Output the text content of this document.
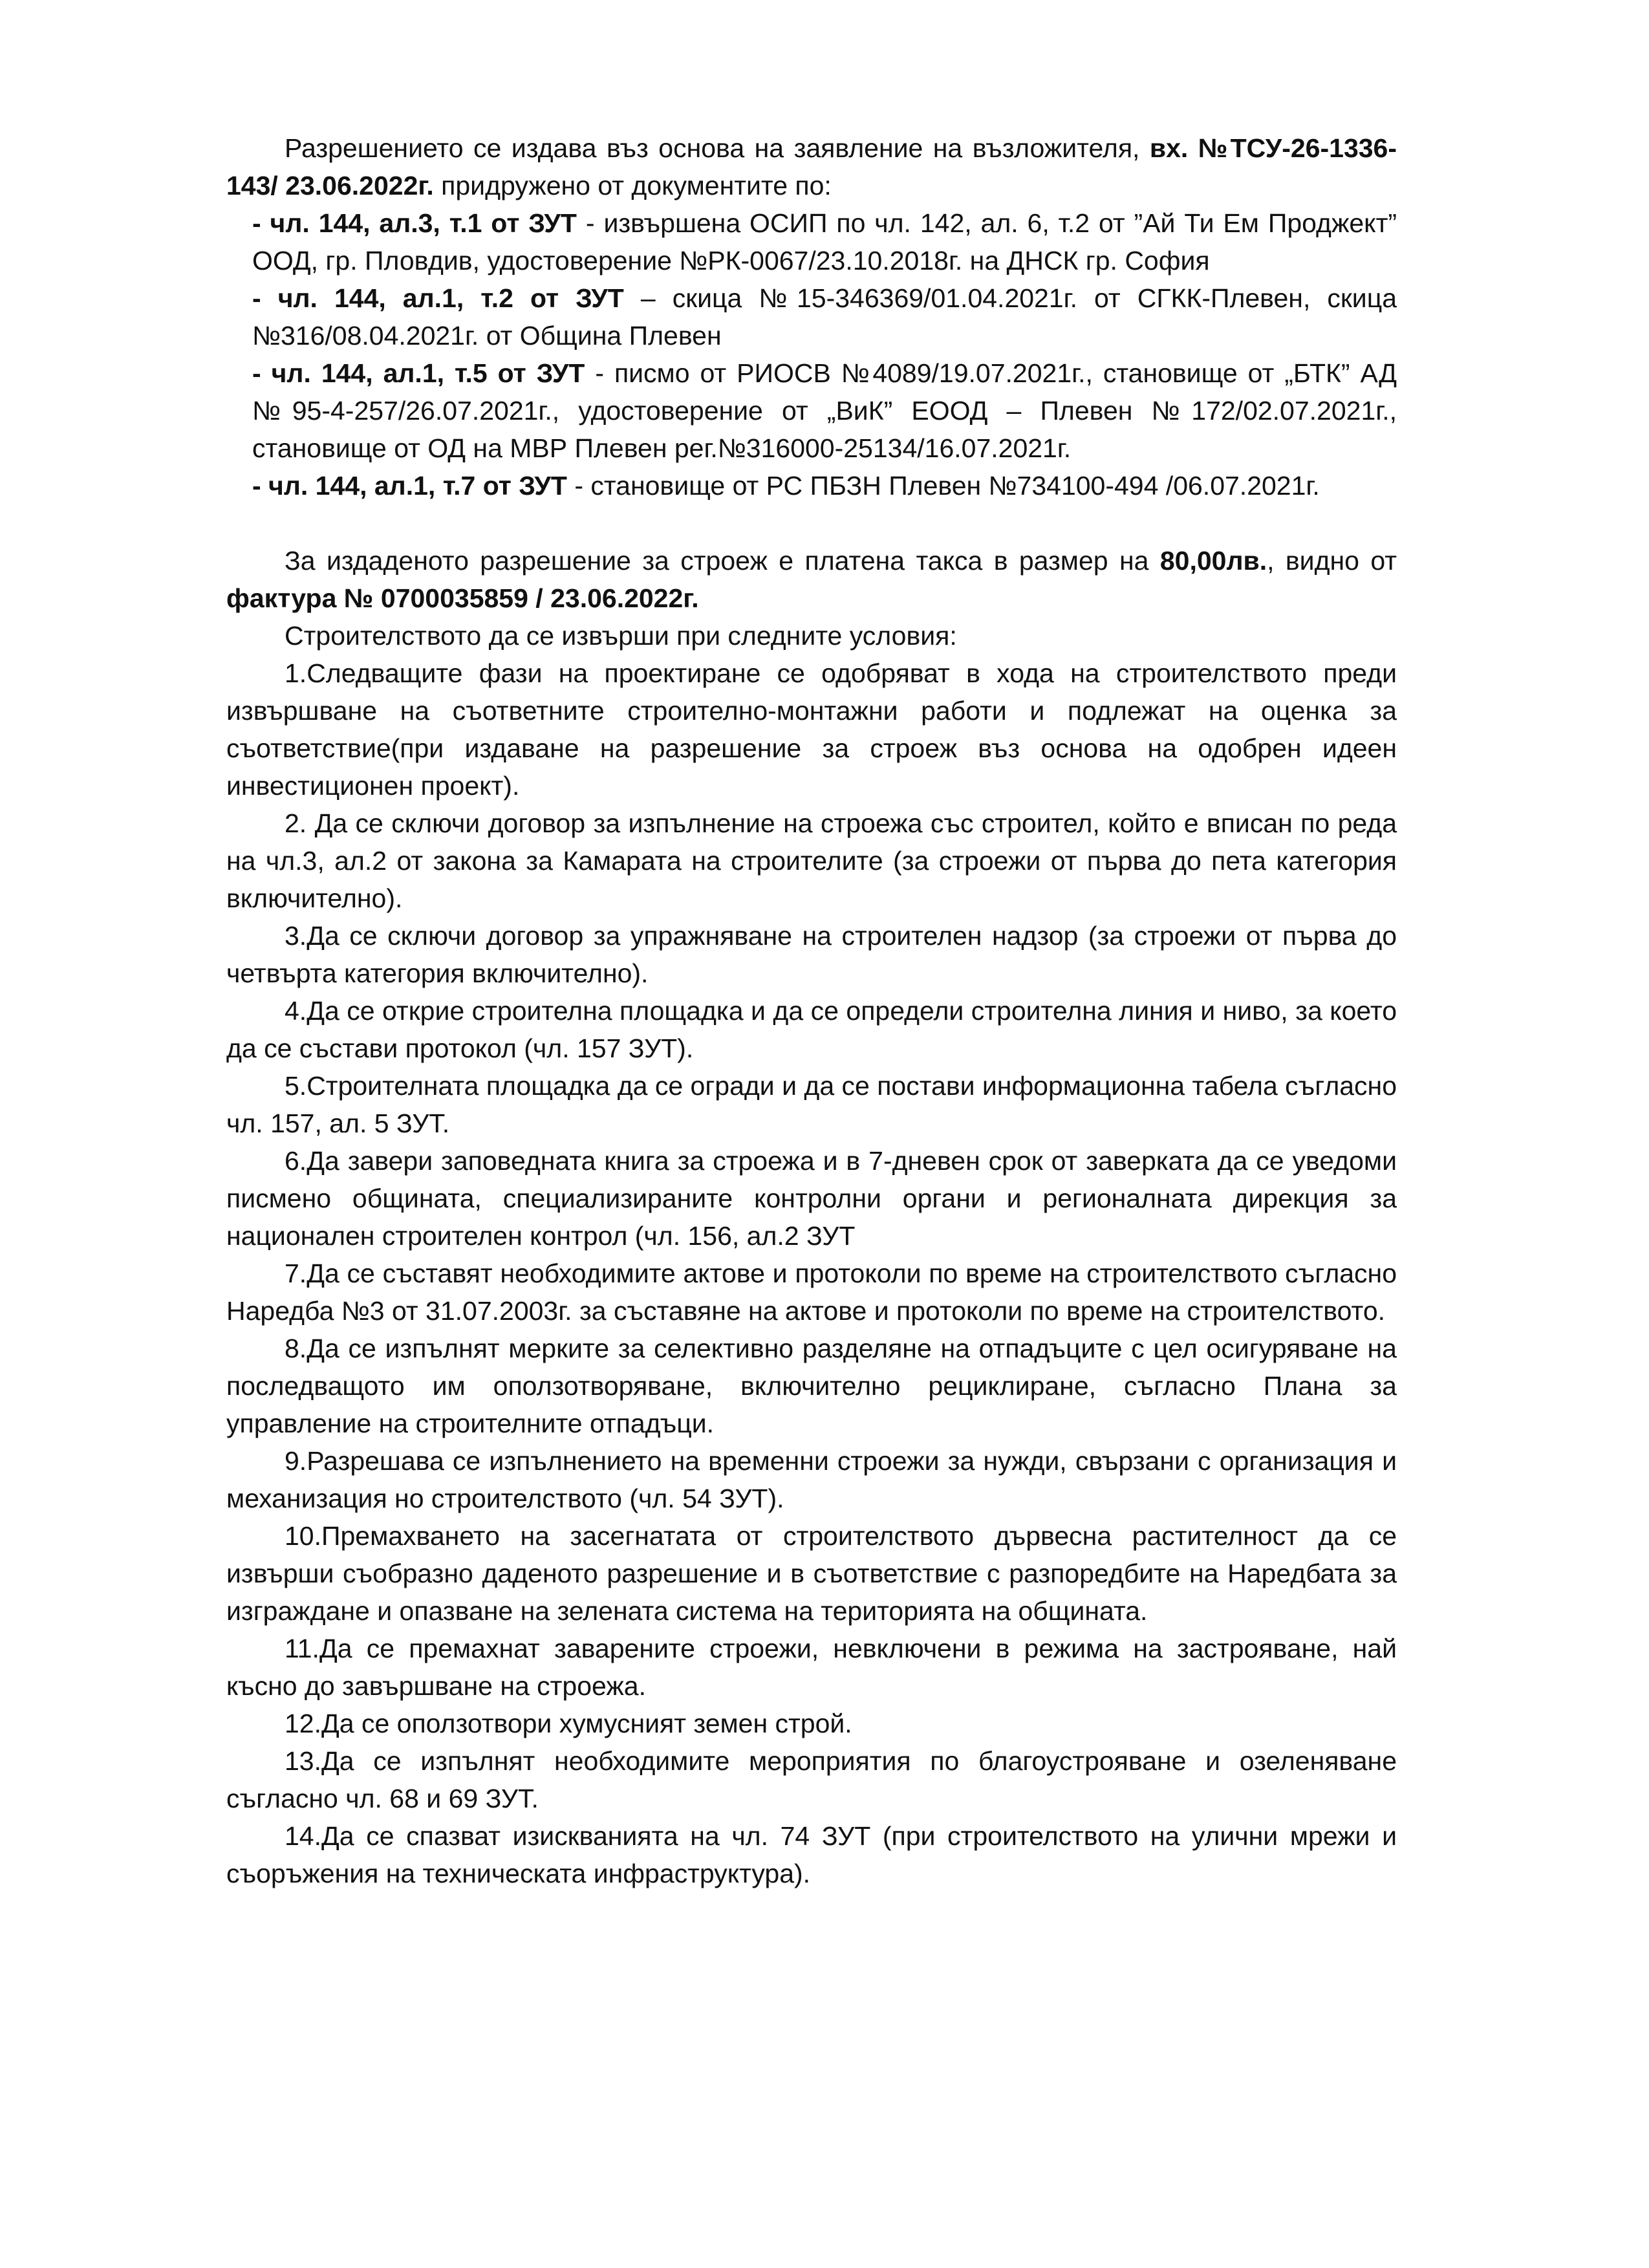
Разрешението се издава въз основа на заявление на възложителя, вх. №ТСУ-26-1336-143/ 23.06.2022г. придружено от документите по:

- чл. 144, ал.3, т.1 от ЗУТ - извършена ОСИП по чл. 142, ал. 6, т.2 от ”Ай Ти Ем Проджект” ООД, гр. Пловдив, удостоверение №РК-0067/23.10.2018г. на ДНСК гр. София

- чл. 144, ал.1, т.2 от ЗУТ – скица №15-346369/01.04.2021г. от СГКК-Плевен, скица №316/08.04.2021г. от Община Плевен

- чл. 144, ал.1, т.5 от ЗУТ - писмо от РИОСВ №4089/19.07.2021г., становище от „БТК” АД №95-4-257/26.07.2021г., удостоверение от „ВиК” ЕООД – Плевен №172/02.07.2021г., становище от ОД на МВР Плевен рег.№316000-25134/16.07.2021г.

- чл. 144, ал.1, т.7 от ЗУТ - становище от РС ПБЗН Плевен №734100-494 /06.07.2021г.

За издаденото разрешение за строеж е платена такса в размер на 80,00лв., видно от фактура № 0700035859 / 23.06.2022г.

Строителството да се извърши при следните условия:

1.Следващите фази на проектиране се одобряват в хода на строителството преди извършване на съответните строително-монтажни работи и подлежат на оценка за съответствие(при издаване на разрешение за строеж въз основа на одобрен идеен инвестиционен проект).

2. Да се сключи договор за изпълнение на строежа със строител, който е вписан по реда на чл.3, ал.2 от закона за Камарата на строителите (за строежи от първа до пета категория включително).

3.Да се сключи договор за упражняване на строителен надзор (за строежи от първа до четвърта категория включително).

4.Да се открие строителна площадка и да се определи строителна линия и ниво, за което да се състави протокол (чл. 157 ЗУТ).

5.Строителната площадка да се огради и да се постави информационна табела съгласно чл. 157, ал. 5 ЗУТ.

6.Да завери заповедната книга за строежа и в 7-дневен срок от заверката да се уведоми писмено общината, специализираните контролни органи и регионалната дирекция за национален строителен контрол (чл. 156, ал.2 ЗУТ

7.Да се съставят необходимите актове и протоколи по време на строителството съгласно Наредба №3 от 31.07.2003г. за съставяне на актове и протоколи по време на строителството.

8.Да се изпълнят мерките за селективно разделяне на отпадъците с цел осигуряване на последващото им оползотворяване, включително рециклиране, съгласно Плана за управление на строителните отпадъци.

9.Разрешава се изпълнението на временни строежи за нужди, свързани с организация и механизация но строителството (чл. 54 ЗУТ).

10.Премахването на засегнатата от строителството дървесна растителност да се извърши съобразно даденото разрешение и в съответствие с разпоредбите на Наредбата за изграждане и опазване на зелената система на територията на общината.

11.Да се премахнат заварените строежи, невключени в режима на застрояване, най късно до завършване на строежа.

12.Да се оползотвори хумусният земен строй.

13.Да се изпълнят необходимите мероприятия по благоустрояване и озеленяване съгласно чл. 68 и 69 ЗУТ.

14.Да се спазват изискванията на чл. 74 ЗУТ (при строителството на улични мрежи и съоръжения на техническата инфраструктура).
